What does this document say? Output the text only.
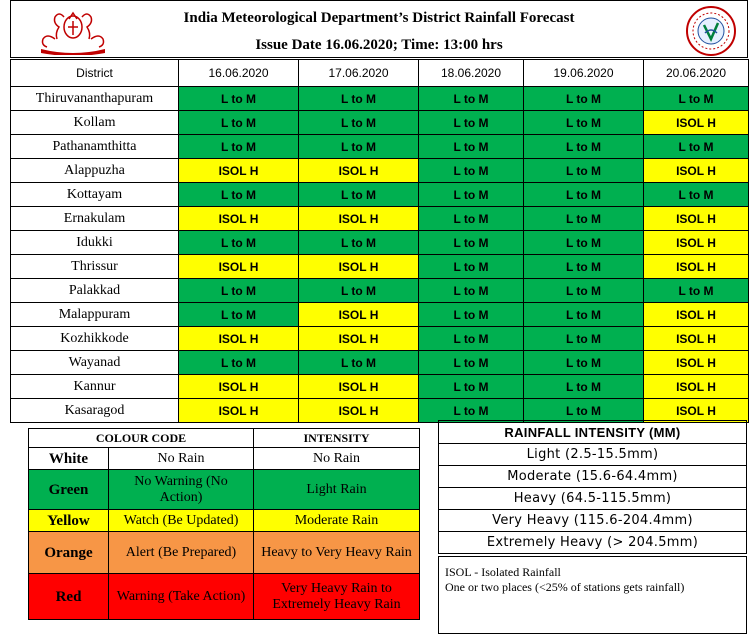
India Meteorological Department’s District Rainfall Forecast
Issue Date 16.06.2020; Time: 13:00 hrs
District	16.06.2020	17.06.2020	18.06.2020	19.06.2020	20.06.2020
Thiruvananthapuram	L to M	L to M	L to M	L to M	L to M
Kollam	L to M	L to M	L to M	L to M	ISOL H
Pathanamthitta	L to M	L to M	L to M	L to M	L to M
Alappuzha	ISOL H	ISOL H	L to M	L to M	ISOL H
Kottayam	L to M	L to M	L to M	L to M	L to M
Ernakulam	ISOL H	ISOL H	L to M	L to M	ISOL H
Idukki	L to M	L to M	L to M	L to M	ISOL H
Thrissur	ISOL H	ISOL H	L to M	L to M	ISOL H
Palakkad	L to M	L to M	L to M	L to M	L to M
Malappuram	L to M	ISOL H	L to M	L to M	ISOL H
Kozhikkode	ISOL H	ISOL H	L to M	L to M	ISOL H
Wayanad	L to M	L to M	L to M	L to M	ISOL H
Kannur	ISOL H	ISOL H	L to M	L to M	ISOL H
Kasaragod	ISOL H	ISOL H	L to M	L to M	ISOL H
COLOUR CODE		INTENSITY
White	No Rain	No Rain
Green	No Warning (No Action)	Light Rain
Yellow	Watch (Be Updated)	Moderate Rain
Orange	Alert (Be Prepared)	Heavy to Very Heavy Rain
Red	Warning (Take Action)	Very Heavy Rain to Extremely Heavy Rain
RAINFALL INTENSITY (MM)
Light (2.5-15.5mm)
Moderate (15.6-64.4mm)
Heavy (64.5-115.5mm)
Very Heavy (115.6-204.4mm)
Extremely Heavy (> 204.5mm)
ISOL - Isolated Rainfall
One or two places (<25% of stations gets rainfall)
